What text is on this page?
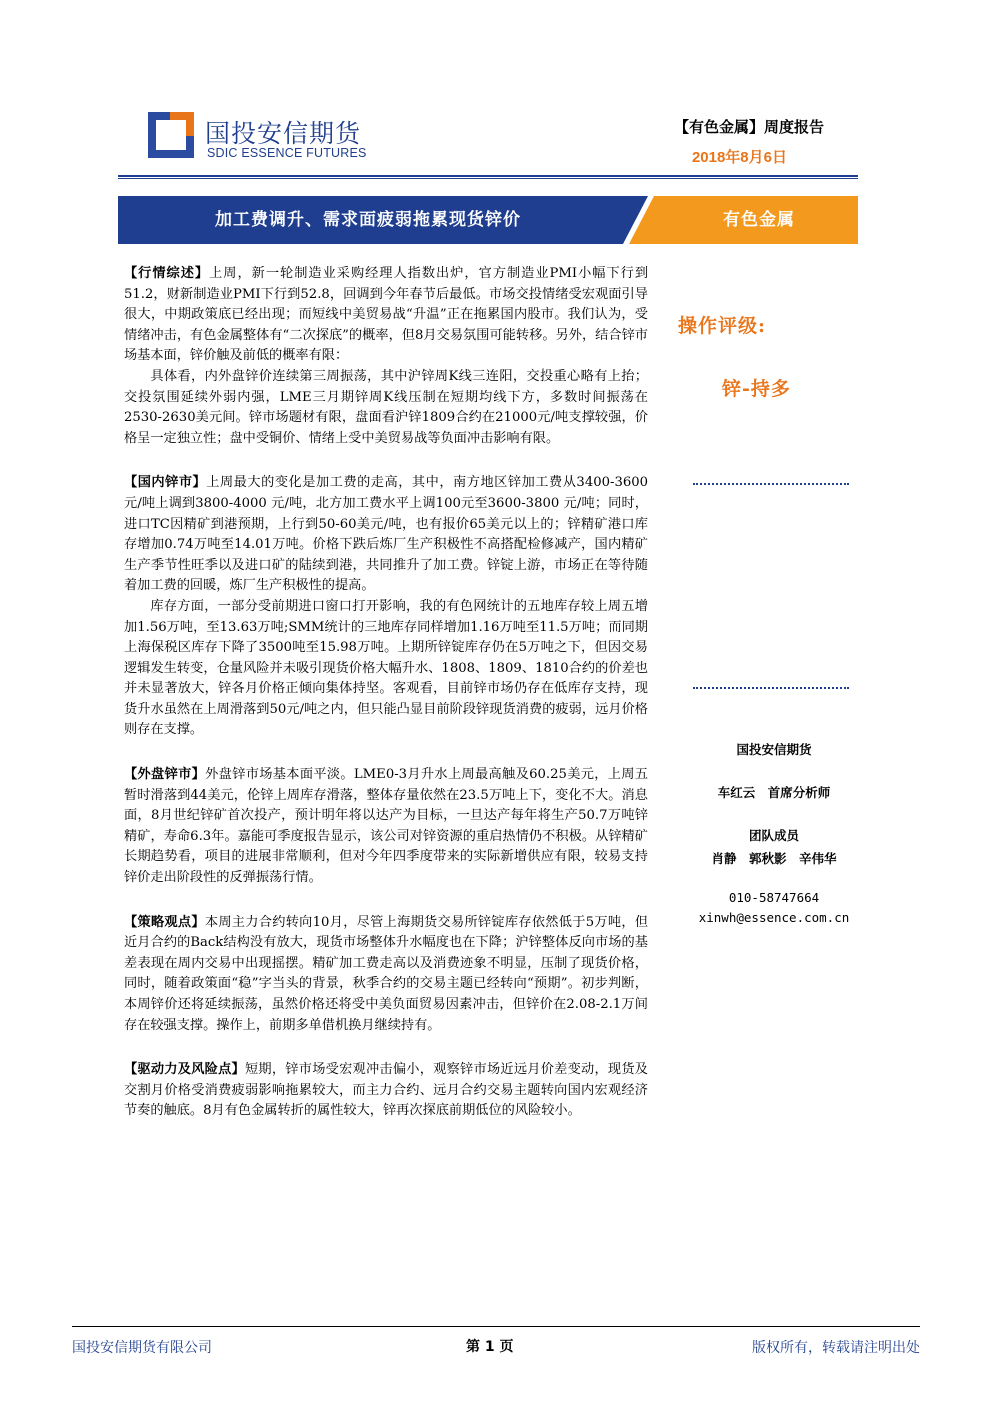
国投安信期货
SDIC ESSENCE FUTURES
【有色金属】周度报告
2018年8月6日
加工费调升、需求面疲弱拖累现货锌价	有色金属

【行情综述】上周，新一轮制造业采购经理人指数出炉，官方制造业PMI小幅下行到51.2，财新制造业PMI下行到52.8，回调到今年春节后最低。市场交投情绪受宏观面引导很大，中期政策底已经出现；而短线中美贸易战“升温”正在拖累国内股市。我们认为，受情绪冲击，有色金属整体有“二次探底”的概率，但8月交易氛围可能转移。另外，结合锌市场基本面，锌价触及前低的概率有限：

具体看，内外盘锌价连续第三周振荡，其中沪锌周K线三连阳，交投重心略有上抬；交投氛围延续外弱内强，LME三月期锌周K线压制在短期均线下方，多数时间振荡在2530-2630美元间。锌市场题材有限，盘面看沪锌1809合约在21000元/吨支撑较强，价格呈一定独立性；盘中受铜价、情绪上受中美贸易战等负面冲击影响有限。

【国内锌市】上周最大的变化是加工费的走高，其中，南方地区锌加工费从3400-3600元/吨上调到3800-4000 元/吨，北方加工费水平上调100元至3600-3800 元/吨；同时，进口TC因精矿到港预期，上行到50-60美元/吨，也有报价65美元以上的；锌精矿港口库存增加0.74万吨至14.01万吨。价格下跌后炼厂生产积极性不高搭配检修减产，国内精矿生产季节性旺季以及进口矿的陆续到港，共同推升了加工费。锌锭上游，市场正在等待随着加工费的回暖，炼厂生产积极性的提高。

库存方面，一部分受前期进口窗口打开影响，我的有色网统计的五地库存较上周五增加1.56万吨，至13.63万吨;SMM统计的三地库存同样增加1.16万吨至11.5万吨；而同期上海保税区库存下降了3500吨至15.98万吨。上期所锌锭库存仍在5万吨之下，但因交易逻辑发生转变，仓量风险并未吸引现货价格大幅升水、1808、1809、1810合约的价差也并未显著放大，锌各月价格正倾向集体持坚。客观看，目前锌市场仍存在低库存支持，现货升水虽然在上周滑落到50元/吨之内，但只能凸显目前阶段锌现货消费的疲弱，远月价格则存在支撑。

【外盘锌市】外盘锌市场基本面平淡。LME0-3月升水上周最高触及60.25美元，上周五暂时滑落到44美元，伦锌上周库存滑落，整体存量依然在23.5万吨上下，变化不大。消息面，8月世纪锌矿首次投产，预计明年将以达产为目标，一旦达产每年将生产50.7万吨锌精矿，寿命6.3年。嘉能可季度报告显示，该公司对锌资源的重启热情仍不积极。从锌精矿长期趋势看，项目的进展非常顺利，但对今年四季度带来的实际新增供应有限，较易支持锌价走出阶段性的反弹振荡行情。

【策略观点】本周主力合约转向10月，尽管上海期货交易所锌锭库存依然低于5万吨，但近月合约的Back结构没有放大，现货市场整体升水幅度也在下降；沪锌整体反向市场的基差表现在周内交易中出现摇摆。精矿加工费走高以及消费迹象不明显，压制了现货价格，同时，随着政策面“稳”字当头的背景，秋季合约的交易主题已经转向“预期”。初步判断，本周锌价还将延续振荡，虽然价格还将受中美负面贸易因素冲击，但锌价在2.08-2.1万间存在较强支撑。操作上，前期多单借机换月继续持有。

【驱动力及风险点】短期，锌市场受宏观冲击偏小，观察锌市场近远月价差变动，现货及交割月价格受消费疲弱影响拖累较大，而主力合约、远月合约交易主题转向国内宏观经济节奏的触底。8月有色金属转折的属性较大，锌再次探底前期低位的风险较小。

操作评级:
锌-持多
国投安信期货
车红云　首席分析师
团队成员
肖静　郭秋影　辛伟华
010-58747664
xinwh@essence.com.cn
国投安信期货有限公司	第 1 页	版权所有，转载请注明出处
